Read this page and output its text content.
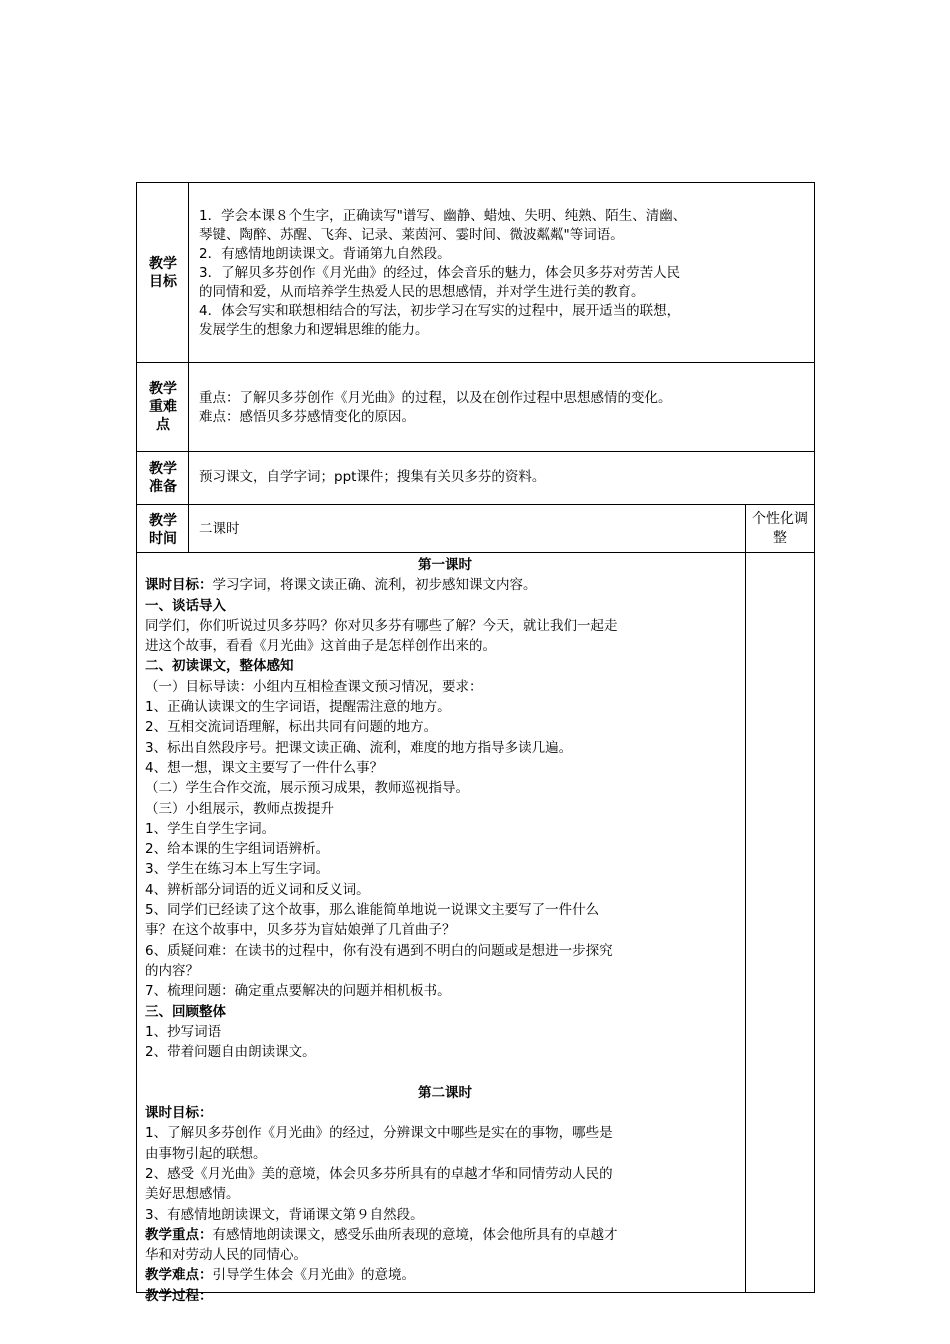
教学目标

1．学会本课８个生字，正确读写"谱写、幽静、蜡烛、失明、纯熟、陌生、清幽、

琴键、陶醉、苏醒、飞奔、记录、莱茵河、霎时间、微波粼粼"等词语。

2．有感情地朗读课文。背诵第九自然段。

3．了解贝多芬创作《月光曲》的经过，体会音乐的魅力，体会贝多芬对劳苦人民

的同情和爱，从而培养学生热爱人民的思想感情，并对学生进行美的教育。

4．体会写实和联想相结合的写法，初步学习在写实的过程中，展开适当的联想，

发展学生的想象力和逻辑思维的能力。

教学重难点

重点：了解贝多芬创作《月光曲》的过程，以及在创作过程中思想感情的变化。

难点：感悟贝多芬感情变化的原因。

教学准备
预习课文，自学字词；ppt课件；搜集有关贝多芬的资料。
教学时间
二课时
个性化调整

第一课时

课时目标：学习字词，将课文读正确、流利，初步感知课文内容。

一、谈话导入

同学们，你们听说过贝多芬吗？你对贝多芬有哪些了解？今天，就让我们一起走

进这个故事，看看《月光曲》这首曲子是怎样创作出来的。

二、初读课文，整体感知

（一）目标导读：小组内互相检查课文预习情况，要求：

1、正确认读课文的生字词语，提醒需注意的地方。

2、互相交流词语理解，标出共同有问题的地方。

3、标出自然段序号。把课文读正确、流利，难度的地方指导多读几遍。

4、想一想，课文主要写了一件什么事？

（二）学生合作交流，展示预习成果，教师巡视指导。

（三）小组展示，教师点拨提升

1、学生自学生字词。

2、给本课的生字组词语辨析。

3、学生在练习本上写生字词。

4、辨析部分词语的近义词和反义词。

5、同学们已经读了这个故事，那么谁能简单地说一说课文主要写了一件什么

事？在这个故事中，贝多芬为盲姑娘弹了几首曲子？

6、质疑问难：在读书的过程中，你有没有遇到不明白的问题或是想进一步探究

的内容？

7、梳理问题：确定重点要解决的问题并相机板书。

三、回顾整体

1、抄写词语

2、带着问题自由朗读课文。

第二课时

课时目标：

1、了解贝多芬创作《月光曲》的经过，分辨课文中哪些是实在的事物，哪些是

由事物引起的联想。

2、感受《月光曲》美的意境，体会贝多芬所具有的卓越才华和同情劳动人民的

美好思想感情。

3、有感情地朗读课文，背诵课文第９自然段。

教学重点：有感情地朗读课文，感受乐曲所表现的意境，体会他所具有的卓越才

华和对劳动人民的同情心。

教学难点：引导学生体会《月光曲》的意境。

教学过程：
